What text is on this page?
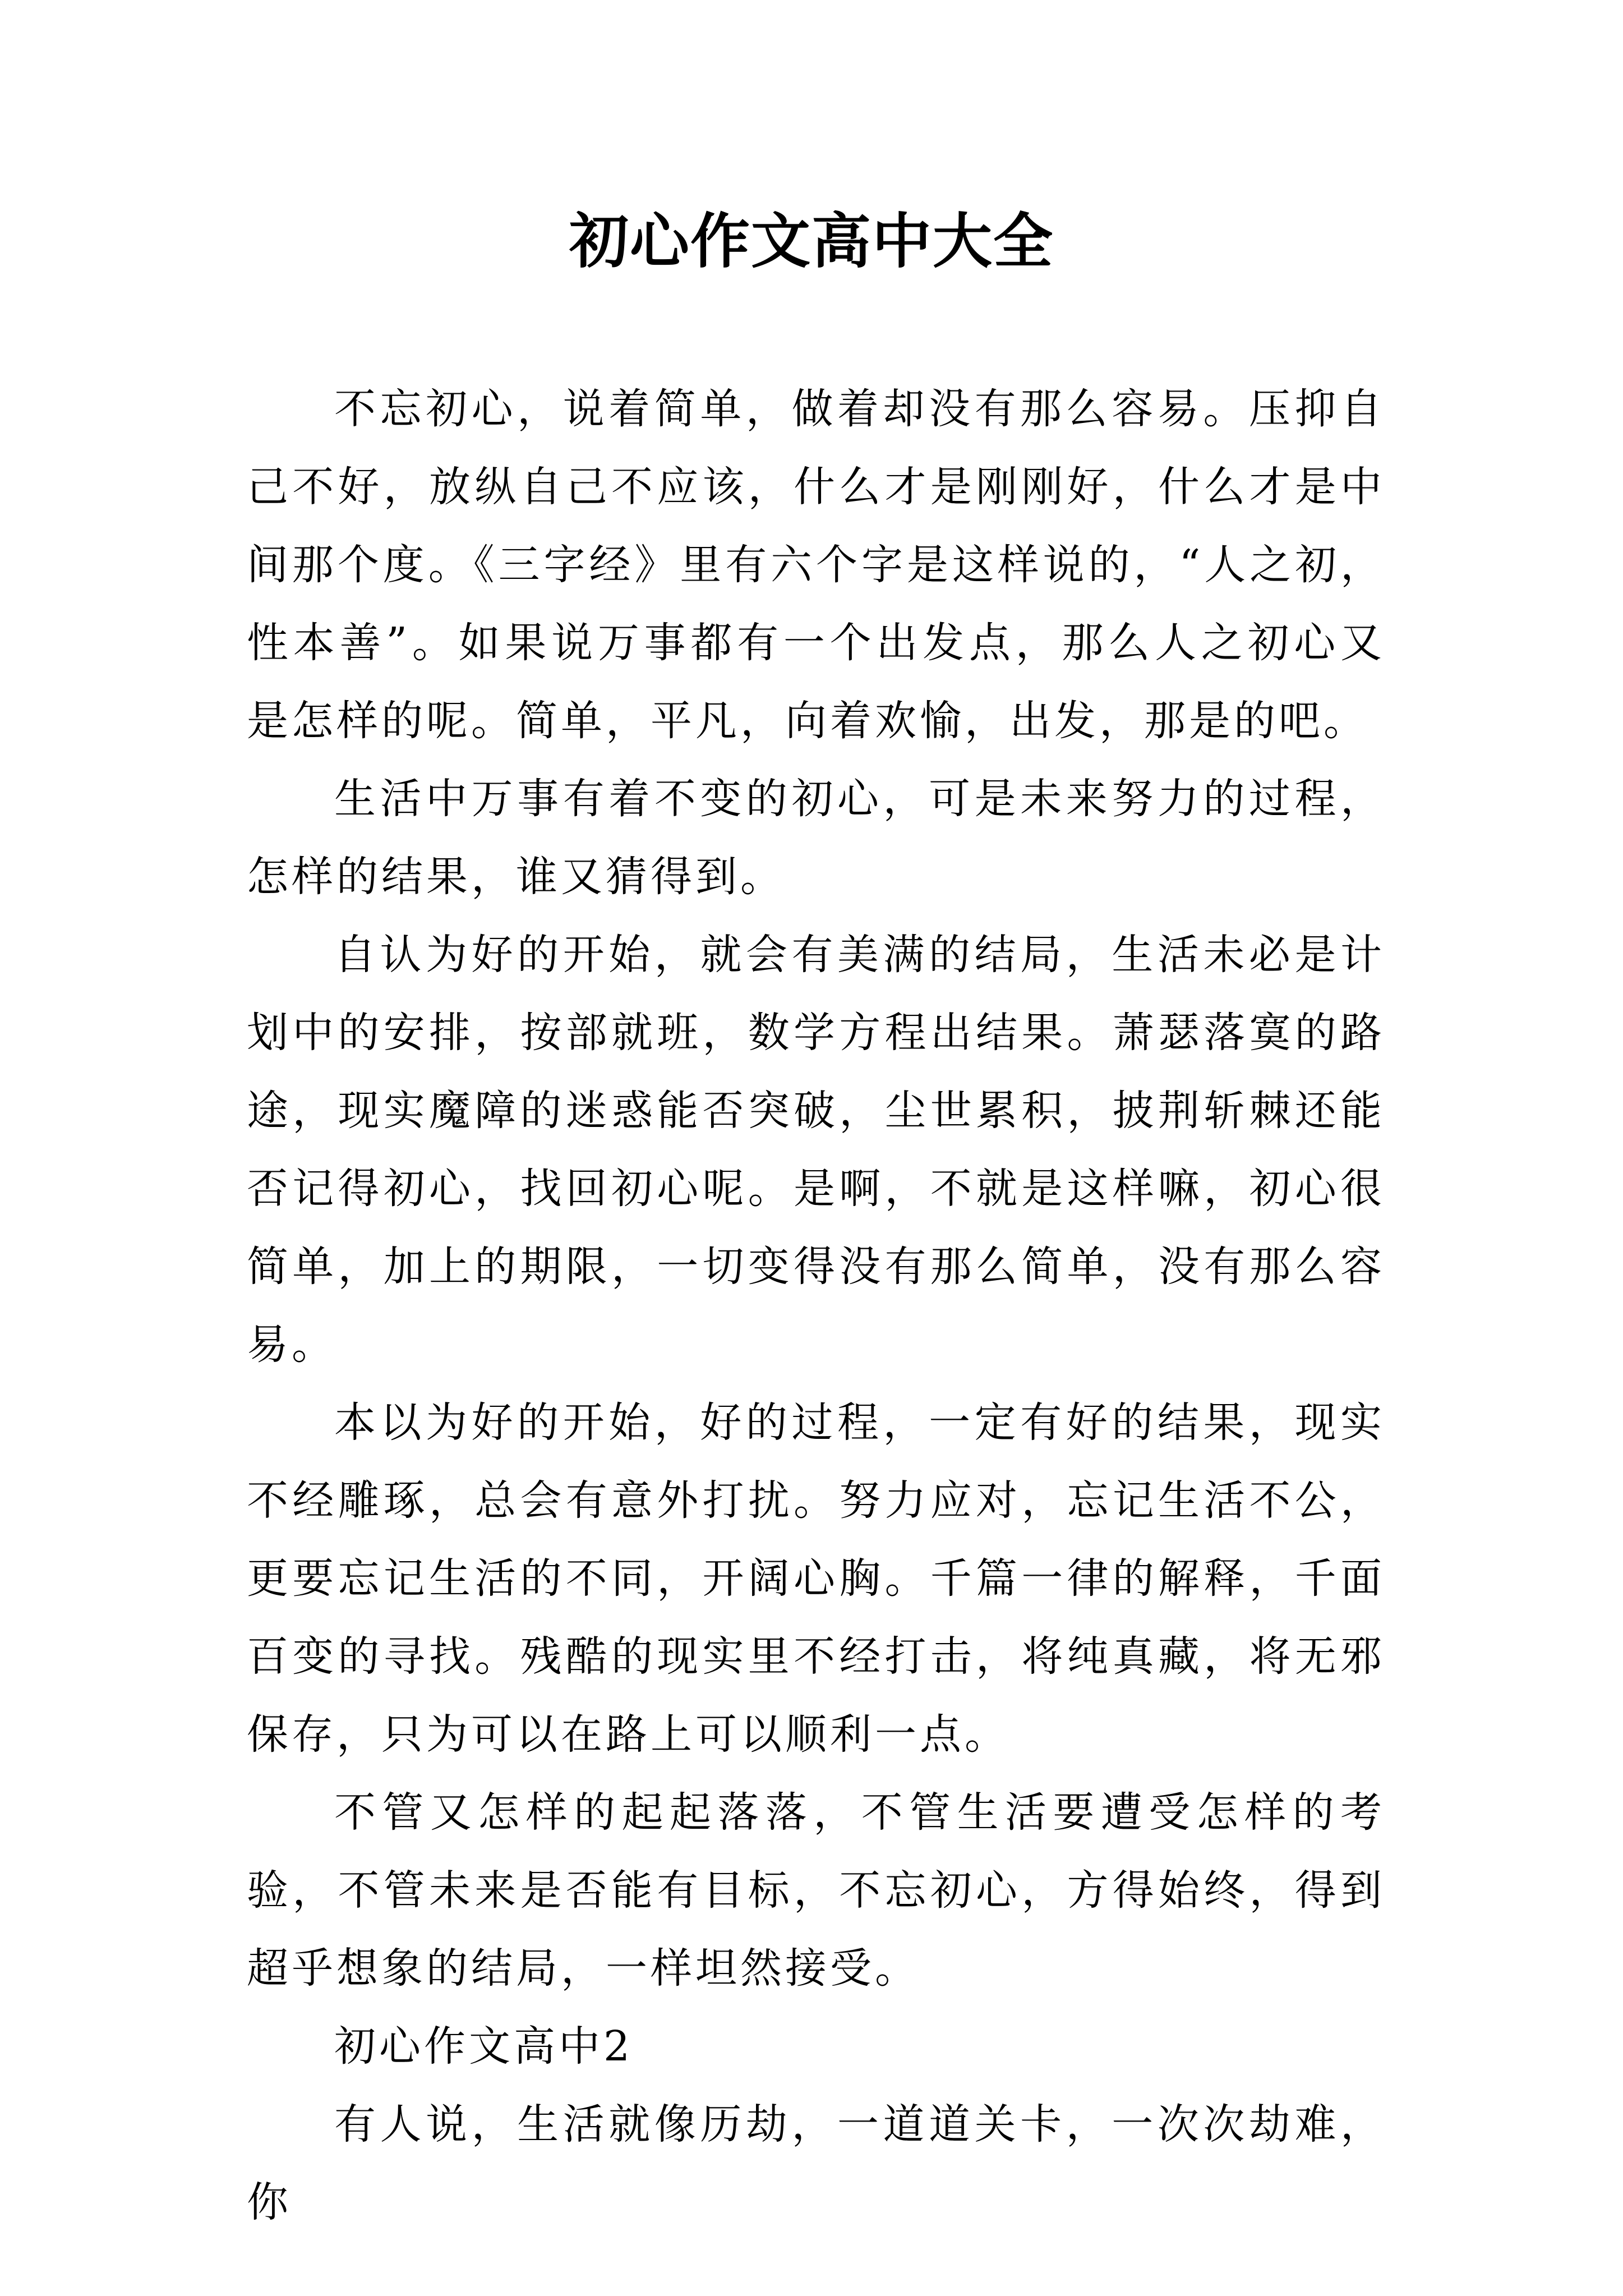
初心作文高中大全

不忘初心，说着简单，做着却没有那么容易。压抑自己不好，放纵自己不应该，什么才是刚刚好，什么才是中间那个度。《三字经》里有六个字是这样说的，“人之初，性本善”。如果说万事都有一个出发点，那么人之初心又是怎样的呢。简单，平凡，向着欢愉，出发，那是的吧。

生活中万事有着不变的初心，可是未来努力的过程，怎样的结果，谁又猜得到。

自认为好的开始，就会有美满的结局，生活未必是计划中的安排，按部就班，数学方程出结果。萧瑟落寞的路途，现实魔障的迷惑能否突破，尘世累积，披荆斩棘还能否记得初心，找回初心呢。是啊，不就是这样嘛，初心很简单，加上的期限，一切变得没有那么简单，没有那么容易。

本以为好的开始，好的过程，一定有好的结果，现实不经雕琢，总会有意外打扰。努力应对，忘记生活不公，更要忘记生活的不同，开阔心胸。千篇一律的解释，千面百变的寻找。残酷的现实里不经打击，将纯真藏，将无邪保存，只为可以在路上可以顺利一点。

不管又怎样的起起落落，不管生活要遭受怎样的考验，不管未来是否能有目标，不忘初心，方得始终，得到超乎想象的结局，一样坦然接受。

初心作文高中2

有人说，生活就像历劫，一道道关卡，一次次劫难，你
